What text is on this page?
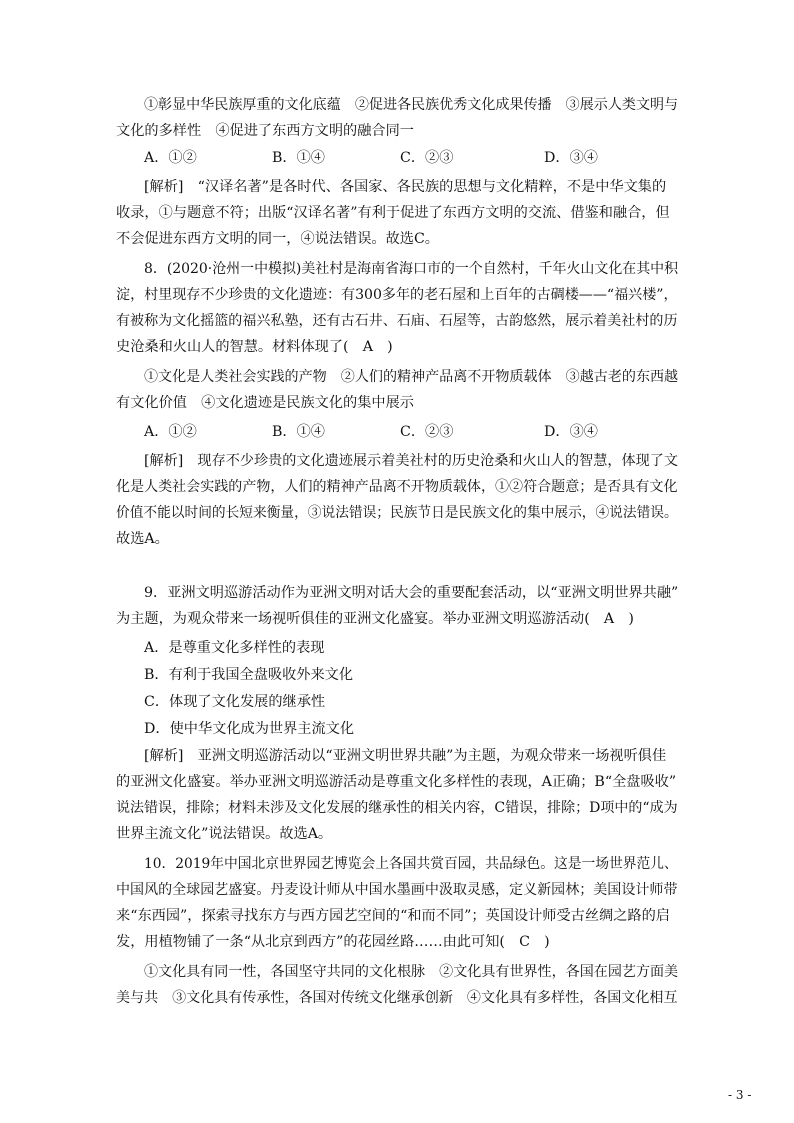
①彰显中华民族厚重的文化底蕴　②促进各民族优秀文化成果传播　③展示人类文明与
文化的多样性　④促进了东西方文明的融合同一
A．①②	B．①④	C．②③	D．③④
[解析]　“汉译名著”是各时代、各国家、各民族的思想与文化精粹，不是中华文集的
收录，①与题意不符；出版“汉译名著”有利于促进了东西方文明的交流、借鉴和融合，但
不会促进东西方文明的同一，④说法错误。故选C。
8．(2020·沧州一中模拟)美社村是海南省海口市的一个自然村，千年火山文化在其中积
淀，村里现存不少珍贵的文化遗迹：有300多年的老石屋和上百年的古碉楼——“福兴楼”，
有被称为文化摇篮的福兴私塾，还有古石井、石庙、石屋等，古韵悠然，展示着美社村的历
史沧桑和火山人的智慧。材料体现了(　A　)
①文化是人类社会实践的产物　②人们的精神产品离不开物质载体　③越古老的东西越
有文化价值　④文化遗迹是民族文化的集中展示
A．①②	B．①④	C．②③	D．③④
[解析]　现存不少珍贵的文化遗迹展示着美社村的历史沧桑和火山人的智慧，体现了文
化是人类社会实践的产物，人们的精神产品离不开物质载体，①②符合题意；是否具有文化
价值不能以时间的长短来衡量，③说法错误；民族节日是民族文化的集中展示，④说法错误。
故选A。
9．亚洲文明巡游活动作为亚洲文明对话大会的重要配套活动，以“亚洲文明世界共融”
为主题，为观众带来一场视听俱佳的亚洲文化盛宴。举办亚洲文明巡游活动(　A　)
A．是尊重文化多样性的表现
B．有利于我国全盘吸收外来文化
C．体现了文化发展的继承性
D．使中华文化成为世界主流文化
[解析]　亚洲文明巡游活动以“亚洲文明世界共融”为主题，为观众带来一场视听俱佳
的亚洲文化盛宴。举办亚洲文明巡游活动是尊重文化多样性的表现，A正确；B“全盘吸收”
说法错误，排除；材料未涉及文化发展的继承性的相关内容，C错误，排除；D项中的“成为
世界主流文化”说法错误。故选A。
10．2019年中国北京世界园艺博览会上各国共赏百园，共品绿色。这是一场世界范儿、
中国风的全球园艺盛宴。丹麦设计师从中国水墨画中汲取灵感，定义新园林；美国设计师带
来“东西园”，探索寻找东方与西方园艺空间的“和而不同”；英国设计师受古丝绸之路的启
发，用植物铺了一条“从北京到西方”的花园丝路……由此可知(　C　)
①文化具有同一性，各国坚守共同的文化根脉　②文化具有世界性，各国在园艺方面美
美与共　③文化具有传承性，各国对传统文化继承创新　④文化具有多样性，各国文化相互
- 3 -
